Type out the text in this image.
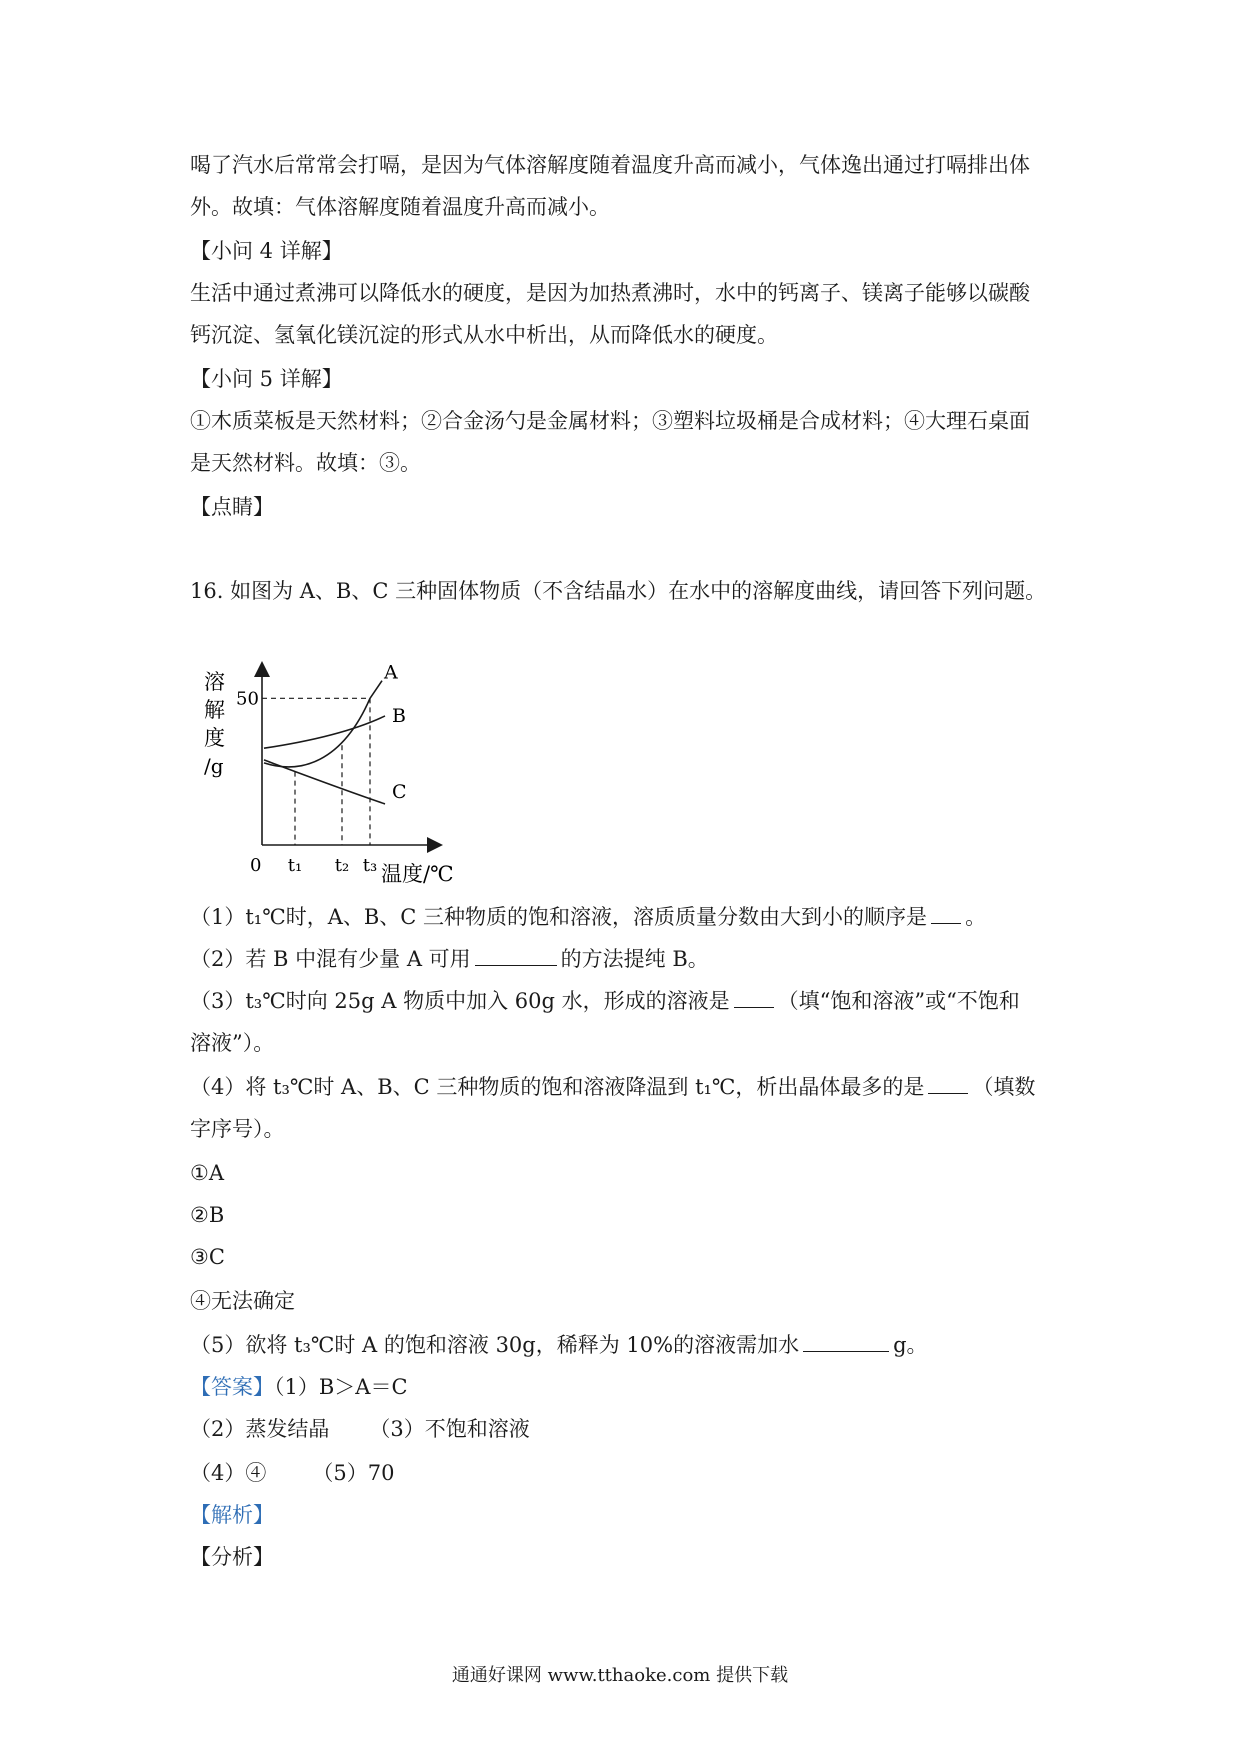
喝了汽水后常常会打嗝，是因为气体溶解度随着温度升高而减小，气体逸出通过打嗝排出体
外。故填：气体溶解度随着温度升高而减小。
【小问 4 详解】
生活中通过煮沸可以降低水的硬度，是因为加热煮沸时，水中的钙离子、镁离子能够以碳酸
钙沉淀、氢氧化镁沉淀的形式从水中析出，从而降低水的硬度。
【小问 5 详解】
①木质菜板是天然材料；②合金汤勺是金属材料；③塑料垃圾桶是合成材料；④大理石桌面
是天然材料。故填：③。
【点睛】
16. 如图为 A、B、C 三种固体物质（不含结晶水）在水中的溶解度曲线，请回答下列问题。
溶
解
度
/g
0
50
t₁ t₂ t₃ 温度/℃
A
B
C
（1）t₁℃时，A、B、C 三种物质的饱和溶液，溶质质量分数由大到小的顺序是 。
（2）若 B 中混有少量 A 可用	的方法提纯 B。
（3）t₃℃时向 25g A 物质中加入 60g 水，形成的溶液是 （填“饱和溶液”或“不饱和
溶液”）。
（4）将 t₃℃时 A、B、C 三种物质的饱和溶液降温到 t₁℃，析出晶体最多的是 （填数
字序号）。
①A
②B
③C
④无法确定
（5）欲将 t₃℃时 A 的饱和溶液 30g，稀释为 10%的溶液需加水	g。
【答案】（1）B＞A＝C
（2）蒸发结晶 （3）不饱和溶液
（4）④ （5）70
【解析】
【分析】
通通好课网 www.tthaoke.com 提供下载
